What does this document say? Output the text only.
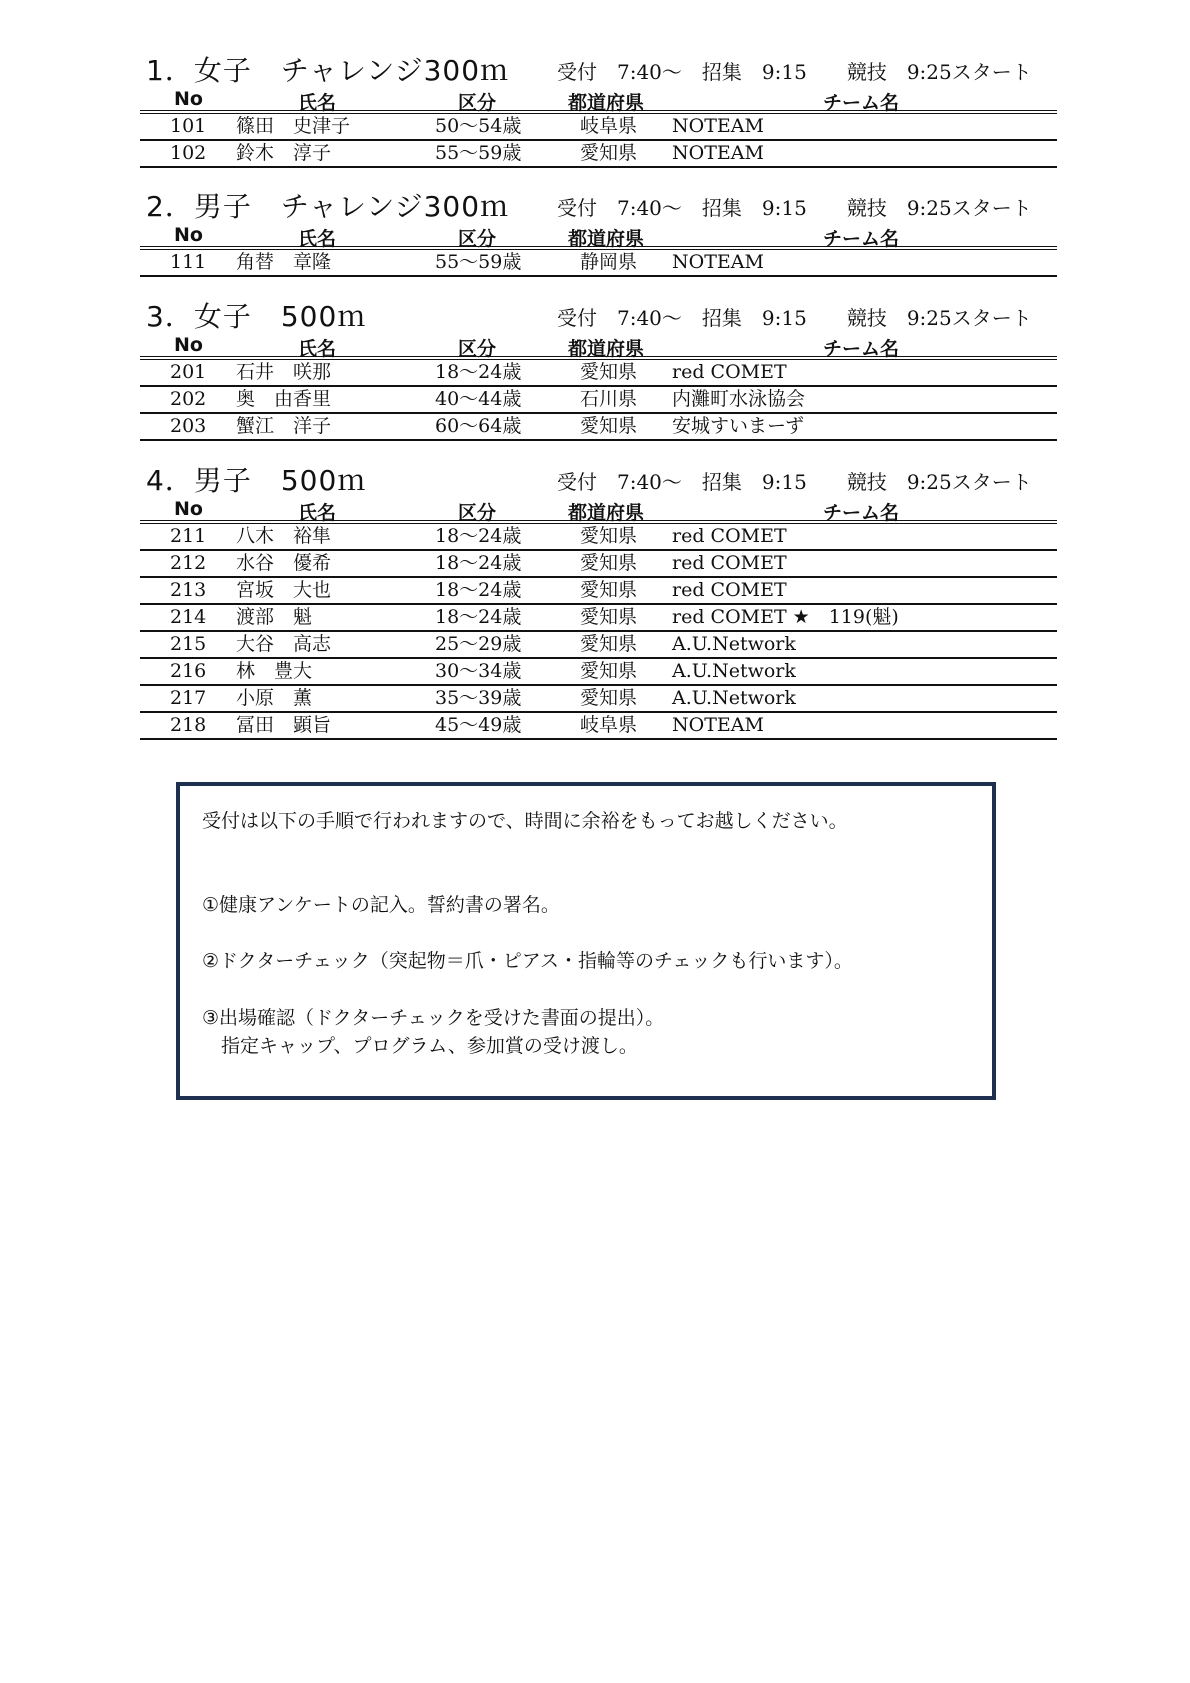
1．女子　チャレンジ300ｍ 受付　7:40～　招集　9:15　　競技　9:25スタート
No	氏名	区分	都道府県	チーム名
101 篠田　史津子	50～54歳	岐阜県 NOTEAM
102 鈴木　淳子	55～59歳	愛知県 NOTEAM
2．男子　チャレンジ300ｍ 受付　7:40～　招集　9:15　　競技　9:25スタート
No	氏名	区分	都道府県	チーム名
111 角替　章隆	55～59歳	静岡県 NOTEAM
3．女子　500ｍ	受付　7:40～　招集　9:15　　競技　9:25スタート
No	氏名	区分	都道府県	チーム名
201 石井　咲那	18～24歳	愛知県 red COMET
202 奥　由香里	40～44歳	石川県 内灘町水泳協会
203 蟹江　洋子	60～64歳	愛知県 安城すいまーず
4．男子　500ｍ	受付　7:40～　招集　9:15　　競技　9:25スタート
No	氏名	区分	都道府県	チーム名
211 八木　裕隼	18～24歳	愛知県 red COMET
212 水谷　優希	18～24歳	愛知県 red COMET
213 宮坂　大也	18～24歳	愛知県 red COMET
214 渡部　魁	18～24歳	愛知県 red COMET ★　119(魁)
215 大谷　高志	25～29歳	愛知県 A.U.Network
216 林　豊大	30～34歳	愛知県 A.U.Network
217 小原　薫	35～39歳	愛知県 A.U.Network
218 冨田　顕旨	45～49歳	岐阜県 NOTEAM

受付は以下の手順で行われますので、時間に余裕をもってお越しください。

①健康アンケートの記入。誓約書の署名。

②ドクターチェック（突起物＝爪・ピアス・指輪等のチェックも行います）。

③出場確認（ドクターチェックを受けた書面の提出）。

　指定キャップ、プログラム、参加賞の受け渡し。
